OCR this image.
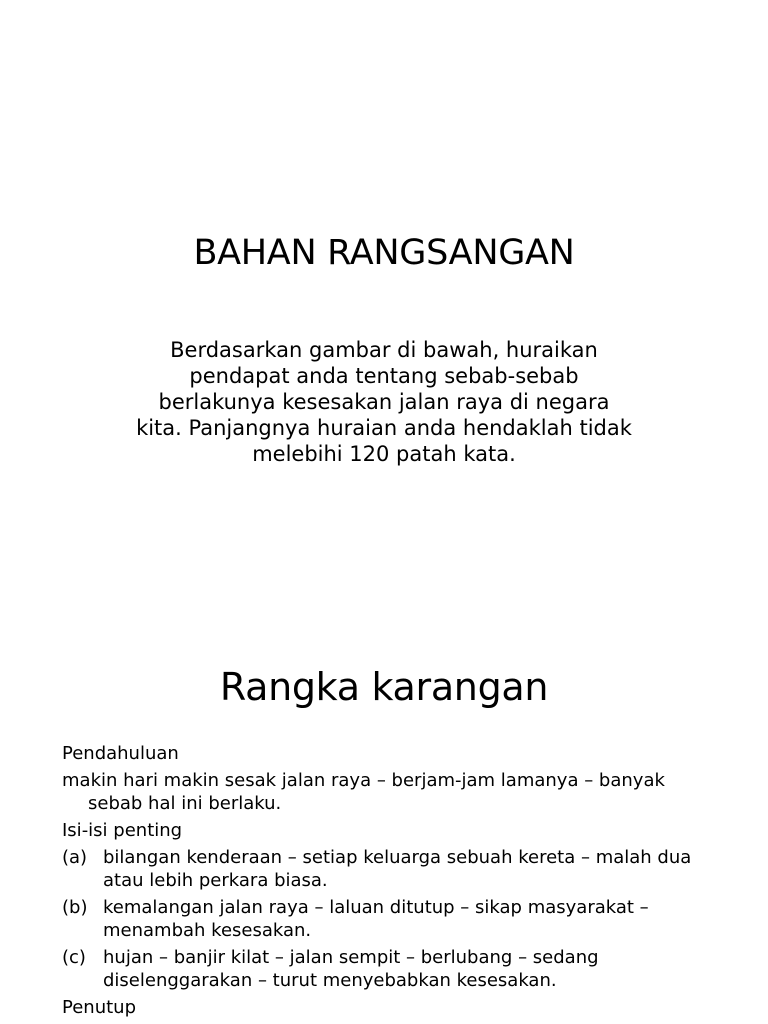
BAHAN RANGSANGAN
Berdasarkan gambar di bawah, huraikan pendapat anda tentang sebab-sebab berlakunya kesesakan jalan raya di negara kita. Panjangnya huraian anda hendaklah tidak melebihi 120 patah kata.
Rangka karangan
Pendahuluan
makin hari makin sesak jalan raya – berjam-jam lamanya – banyak sebab hal ini berlaku.
Isi-isi penting
(a) bilangan kenderaan – setiap keluarga sebuah kereta – malah dua atau lebih perkara biasa.
(b) kemalangan jalan raya – laluan ditutup – sikap masyarakat – menambah kesesakan.
(c) hujan – banjir kilat – jalan sempit – berlubang – sedang diselenggarakan – turut menyebabkan kesesakan.
Penutup
